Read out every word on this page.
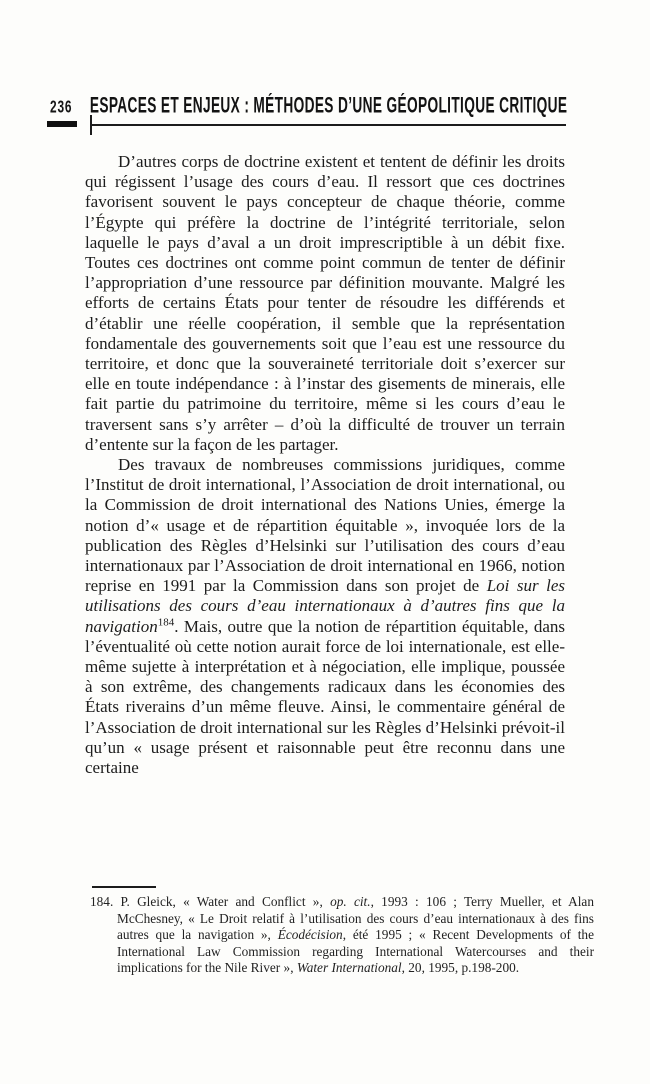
236 ESPACES ET ENJEUX : MÉTHODES D’UNE GÉOPOLITIQUE CRITIQUE

D’autres corps de doctrine existent et tentent de définir les droits qui régissent l’usage des cours d’eau. Il ressort que ces doctrines favorisent souvent le pays concepteur de chaque théorie, comme l’Égypte qui préfère la doctrine de l’intégrité territoriale, selon laquelle le pays d’aval a un droit imprescriptible à un débit fixe. Toutes ces doctrines ont comme point commun de tenter de définir l’appropriation d’une ressource par définition mouvante. Malgré les efforts de certains États pour tenter de résoudre les différends et d’établir une réelle coopération, il semble que la représentation fondamentale des gouvernements soit que l’eau est une ressource du territoire, et donc que la souveraineté territoriale doit s’exercer sur elle en toute indépendance : à l’instar des gisements de minerais, elle fait partie du patrimoine du territoire, même si les cours d’eau le traversent sans s’y arrêter – d’où la difficulté de trouver un terrain d’entente sur la façon de les partager.

Des travaux de nombreuses commissions juridiques, comme l’Institut de droit international, l’Association de droit international, ou la Commission de droit international des Nations Unies, émerge la notion d’« usage et de répartition équitable », invoquée lors de la publication des Règles d’Helsinki sur l’utilisation des cours d’eau internationaux par l’Association de droit international en 1966, notion reprise en 1991 par la Commission dans son projet de Loi sur les utilisations des cours d’eau internationaux à d’autres fins que la navigation$^{184}$. Mais, outre que la notion de répartition équitable, dans l’éventualité où cette notion aurait force de loi internationale, est elle-même sujette à interprétation et à négociation, elle implique, poussée à son extrême, des changements radicaux dans les économies des États riverains d’un même fleuve. Ainsi, le commentaire général de l’Association de droit international sur les Règles d’Helsinki prévoit-il qu’un « usage présent et raisonnable peut être reconnu dans une certaine

184. P. Gleick, « Water and Conflict », op. cit., 1993 : 106 ; Terry Mueller, et Alan McChesney, « Le Droit relatif à l’utilisation des cours d’eau internationaux à des fins autres que la navigation », Écodécision, été 1995 ; « Recent Developments of the International Law Commission regarding International Watercourses and their implications for the Nile River », Water International, 20, 1995, p.198-200.
